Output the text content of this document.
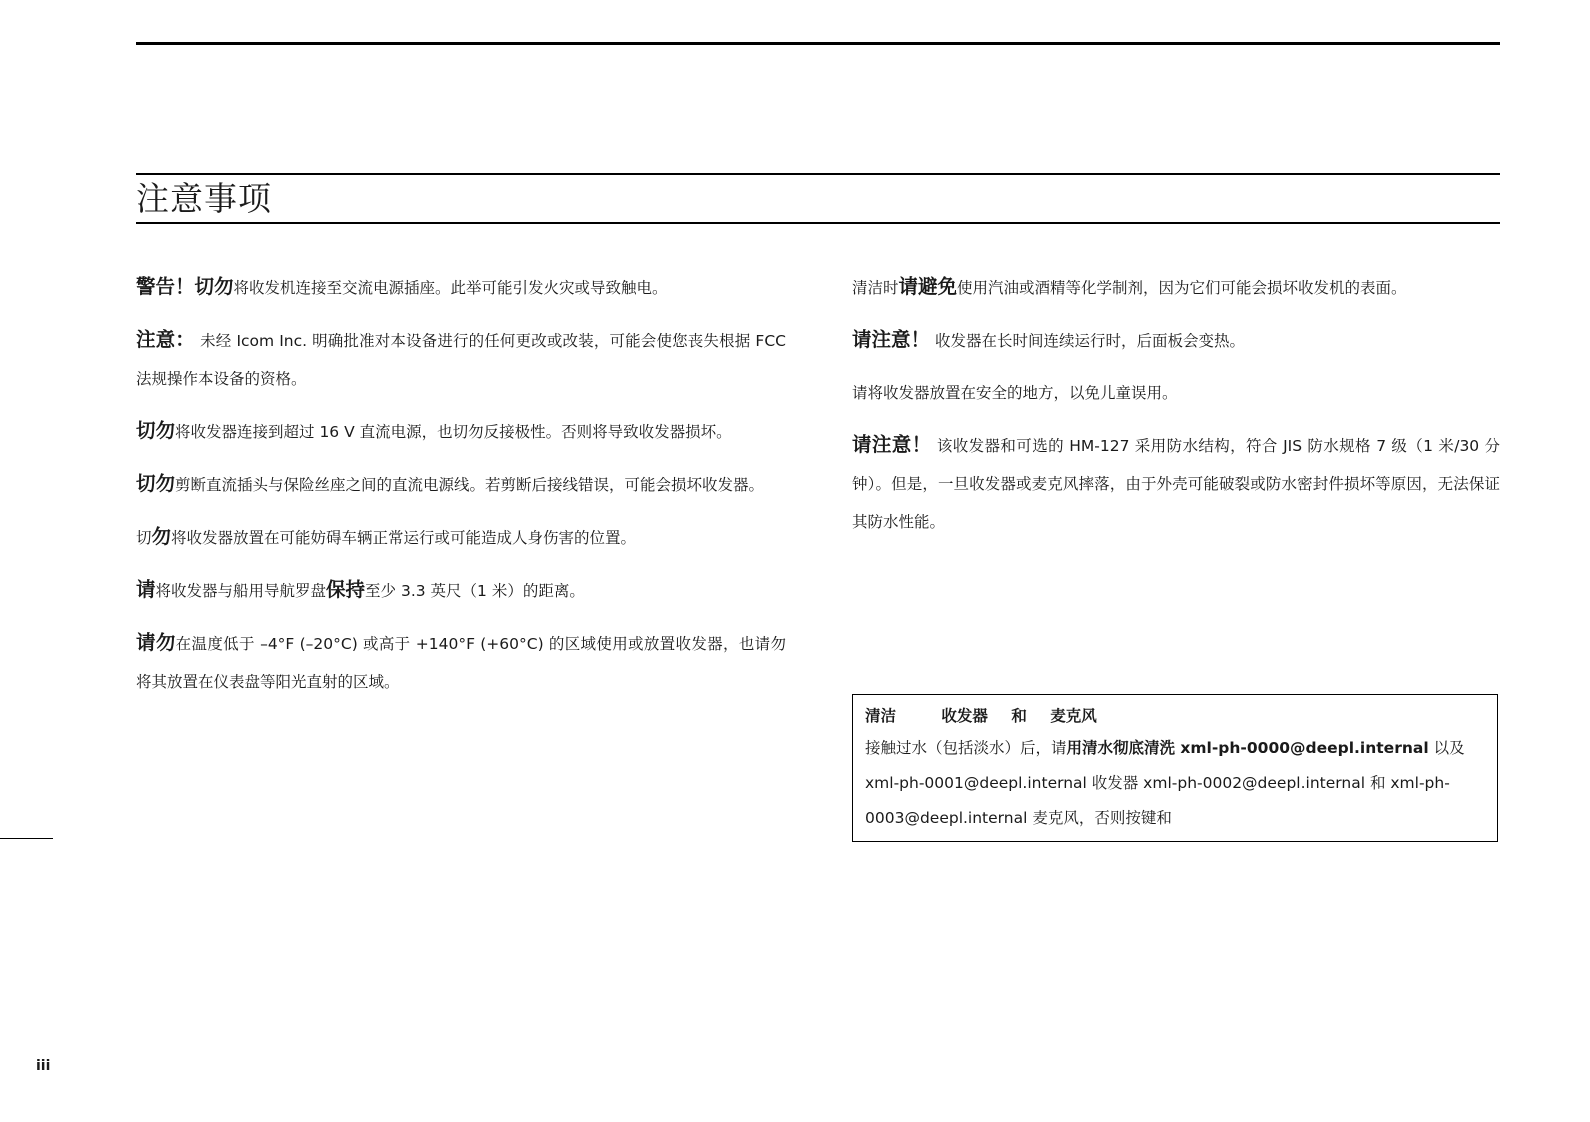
注意事项

警告！切勿将收发机连接至交流电源插座。此举可能引发火灾或导致触电。

注意： 未经 Icom Inc. 明确批准对本设备进行的任何更改或改装，可能会使您丧失根据 FCC 法规操作本设备的资格。

切勿将收发器连接到超过 16 V 直流电源，也切勿反接极性。否则将导致收发器损坏。

切勿剪断直流插头与保险丝座之间的直流电源线。若剪断后接线错误，可能会损坏收发器。

切勿将收发器放置在可能妨碍车辆正常运行或可能造成人身伤害的位置。

请将收发器与船用导航罗盘保持至少 3.3 英尺（1 米）的距离。

请勿在温度低于 –4°F (–20°C) 或高于 +140°F (+60°C) 的区域使用或放置收发器，也请勿将其放置在仪表盘等阳光直射的区域。

清洁时请避免使用汽油或酒精等化学制剂，因为它们可能会损坏收发机的表面。

请注意！ 收发器在长时间连续运行时，后面板会变热。

请将收发器放置在安全的地方，以免儿童误用。

请注意！ 该收发器和可选的 HM-127 采用防水结构，符合 JIS 防水规格 7 级（1 米/30 分钟）。但是，一旦收发器或麦克风摔落，由于外壳可能破裂或防水密封件损坏等原因，无法保证其防水性能。

清洁	收发器 和 麦克风

接触过水（包括淡水）后，请用清水彻底清洗 xml-ph-0000@deepl.internal 以及 xml-ph-0001@deepl.internal 收发器 xml-ph-0002@deepl.internal 和 xml-ph-0003@deepl.internal 麦克风，否则按键和

iii
